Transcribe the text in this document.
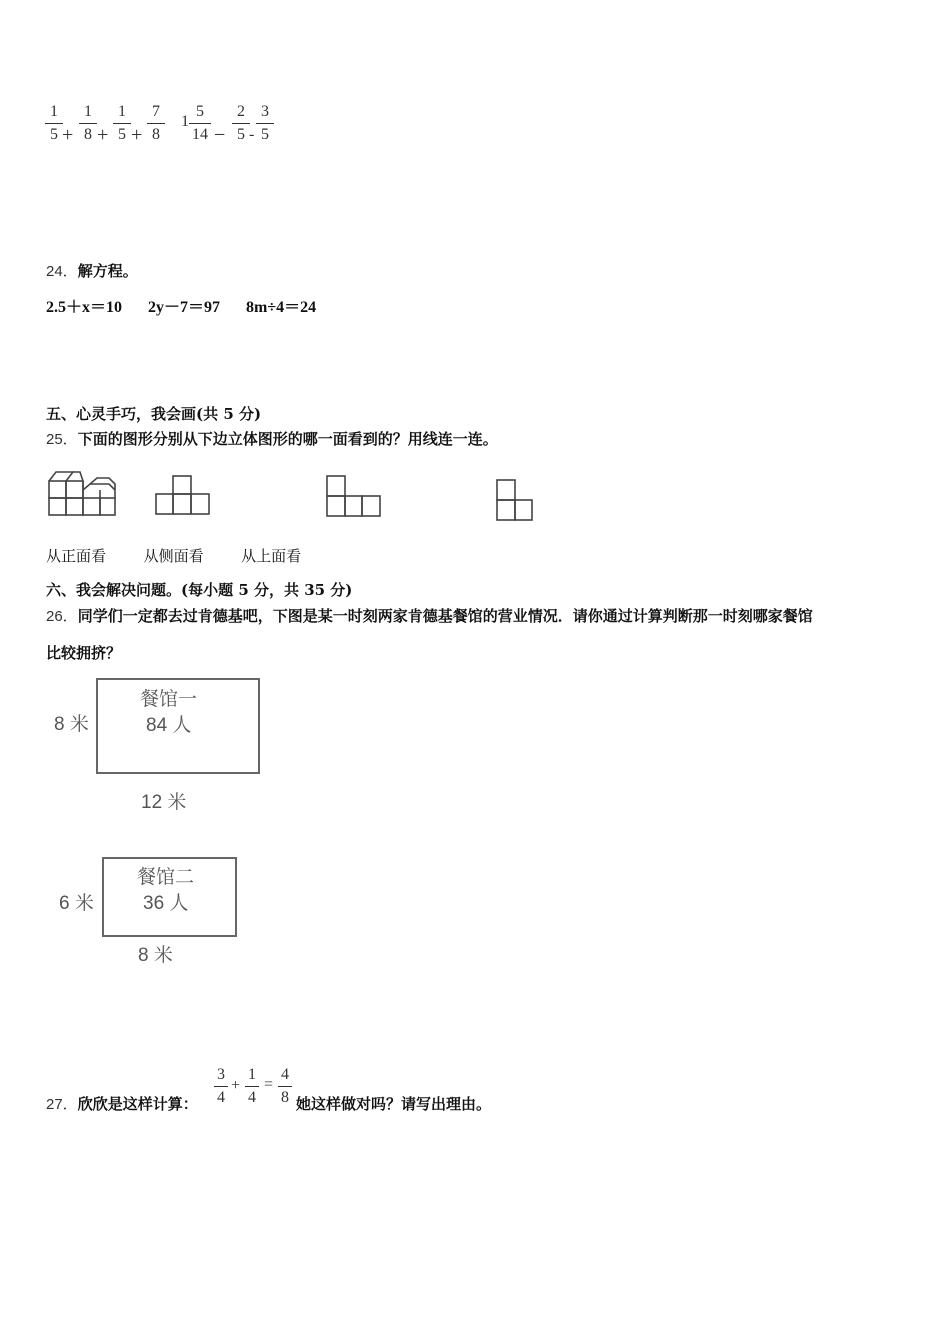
1
5 +
1
8 +
1
5 +
7
8
1
5
14 −
2
5 -
3
5
24．解方程。
2.5＋x＝10 2y－7＝97 8m÷4＝24
五、心灵手巧，我会画(共 5 分)
25．下面的图形分别从下边立体图形的哪一面看到的？用线连一连。
从正面看	从侧面看	从上面看
六、我会解决问题。(每小题 5 分，共 35 分)
26．同学们一定都去过肯德基吧，下图是某一时刻两家肯德基餐馆的营业情况．请你通过计算判断那一时刻哪家餐馆
比较拥挤？
餐馆一
84 人
8 米
12 米
餐馆二
36 人
6 米
8 米
27．欣欣是这样计算：
3
4
+
1
4
=
4
8 她这样做对吗？请写出理由。
